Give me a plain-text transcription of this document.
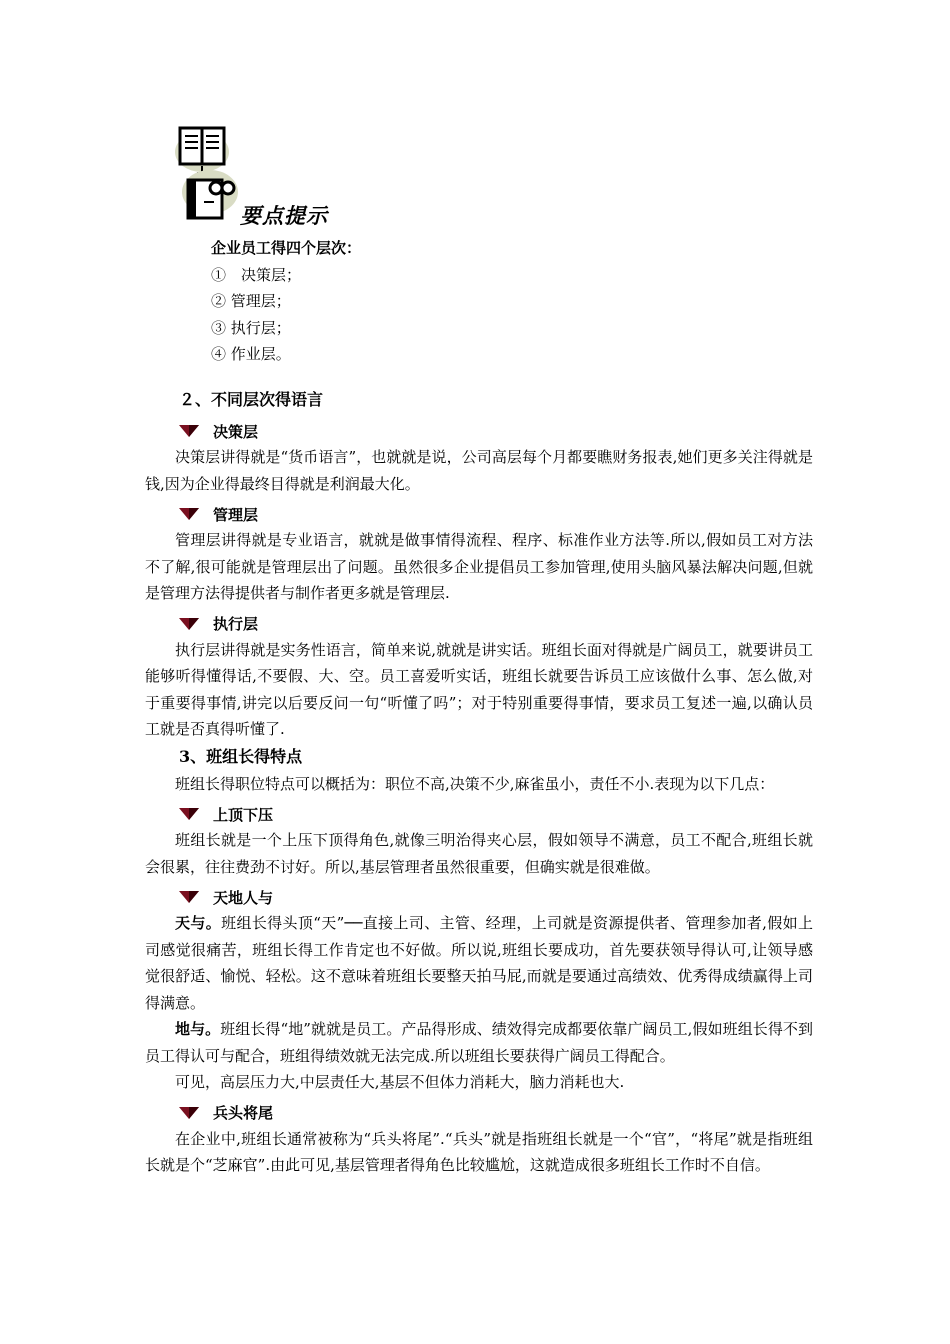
要点提示
企业员工得四个层次：
①　决策层；
② 管理层；
③ 执行层；
④ 作业层。
２、不同层次得语言
决策层

决策层讲得就是“货币语言”，也就就是说，公司高层每个月都要瞧财务报表,她们更多关注得就是钱,因为企业得最终目得就是利润最大化。

管理层

管理层讲得就是专业语言，就就是做事情得流程、程序、标准作业方法等.所以,假如员工对方法不了解,很可能就是管理层出了问题。虽然很多企业提倡员工参加管理,使用头脑风暴法解决问题,但就是管理方法得提供者与制作者更多就是管理层.

执行层

执行层讲得就是实务性语言，简单来说,就就是讲实话。班组长面对得就是广阔员工，就要讲员工能够听得懂得话,不要假、大、空。员工喜爱听实话，班组长就要告诉员工应该做什么事、怎么做,对于重要得事情,讲完以后要反问一句“听懂了吗”；对于特别重要得事情，要求员工复述一遍,以确认员工就是否真得听懂了.

3、班组长得特点

班组长得职位特点可以概括为：职位不高,决策不少,麻雀虽小，责任不小.表现为以下几点：

上顶下压

班组长就是一个上压下顶得角色,就像三明治得夹心层，假如领导不满意，员工不配合,班组长就会很累，往往费劲不讨好。所以,基层管理者虽然很重要，但确实就是很难做。

天地人与

天与。班组长得头顶“天”──直接上司、主管、经理，上司就是资源提供者、管理参加者,假如上司感觉很痛苦，班组长得工作肯定也不好做。所以说,班组长要成功，首先要获领导得认可,让领导感觉很舒适、愉悦、轻松。这不意味着班组长要整天拍马屁,而就是要通过高绩效、优秀得成绩赢得上司得满意。

地与。班组长得“地”就就是员工。产品得形成、绩效得完成都要依靠广阔员工,假如班组长得不到员工得认可与配合，班组得绩效就无法完成.所以班组长要获得广阔员工得配合。

可见，高层压力大,中层责任大,基层不但体力消耗大，脑力消耗也大.

兵头将尾

在企业中,班组长通常被称为“兵头将尾”.“兵头”就是指班组长就是一个“官”，“将尾”就是指班组长就是个“芝麻官”.由此可见,基层管理者得角色比较尴尬，这就造成很多班组长工作时不自信。
